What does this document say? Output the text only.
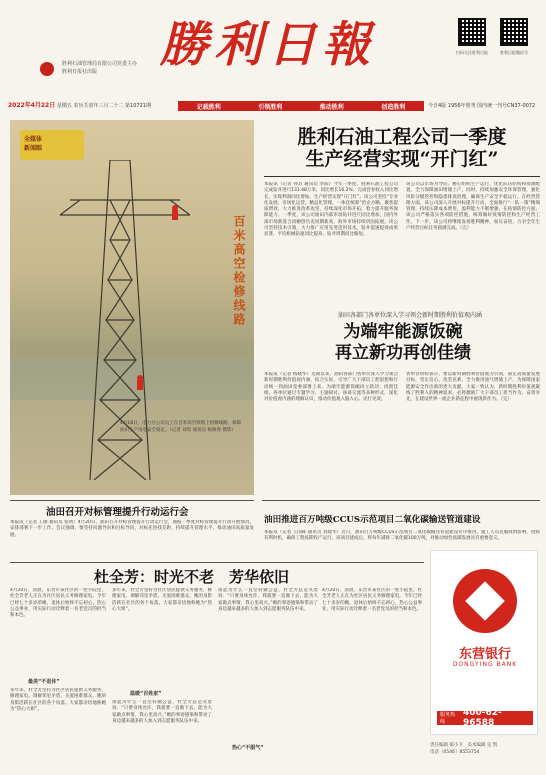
胜利石油管理局有限公司党委主办
胜利日报社出版	勝利日報	扫码关注胜利日报	胜利日报微信号
2022年4月22日 星期五 农历壬寅年三月二十二 第10721期	记载胜利	引领胜利	推动胜利	创造胜利	今日4版 1956年创刊 国内统一刊号CN37-0072
全媒体
新闻眼
百米高空检修线路
4月18日，电力分公司员工在百米高空铁塔上检修线路，保障油田生产用电安全稳定。（记者 刘勇 通讯员 杨修春 摄影）
胜利石油工程公司一季度
生产经营实现“开门红”
本报讯（记者 孙苏 通讯员 李阳）今年一季度，胜利石油工程公司完成钻井进尺131.48万米，同比增长16.2%；完成营业收入同比增长，实现利润同比增加，生产经营实现“开门红”。该公司坚持“专业化发展、市场化运营、精益化管理、一体化统筹”治企方略，聚焦提质增效，大力推进改革攻坚，持续深化市场开拓，着力提升服务保障能力。一季度，该公司油田内部市场钻井进尺同比增加，国内外部市场新签合同额创历史同期新高，海外市场持续巩固拓展。该公司坚持技术引领，大力推广应用先进适用技术，钻井提速提效成果显著，平均机械钻速同比提高，钻井周期同比缩短。
该公司以市场为导向，精心组织生产运行，优化队伍结构和资源配置，全力保障油田增储上产。同时，持续加强安全环保管理，强化风险分级管控和隐患排查治理，确保生产安全平稳运行。在经营管理方面，该公司深入开展对标提升行动，全面推行“一队一策”精细管理，持续压降成本费用，盈利能力不断增强。在疫情防控方面，该公司严格落实各项防控措施，统筹做好疫情防控和生产经营工作。下一步，该公司将继续发扬胜利精神，加压奋进，力争全年生产经营目标任务圆满完成。（完）
油田各部门各单位深入学习领会新时期胜利价值观内涵
为端牢能源饭碗
再立新功再创佳绩
本报讯（记者 杨晓华）近期以来，油田各部门各单位深入学习领会新时期胜利价值观内涵，结合实际，引导广大干部员工把思想和行动统一到油田党委部署上来，为端牢能源饭碗再立新功、再创佳绩。各单位通过专题学习、主题研讨、座谈交流等多种形式，深化对价值观内涵的理解认识，推动价值观入脑入心、见行见效。
各单位纷纷表示，要以新时期胜利价值观为引领，锚定高质量发展目标，坚定信心、攻坚克难，全力推进油气增储上产，为保障国家能源安全作出新的更大贡献。大家一致认为，新时期胜利价值观凝练了胜利人的精神追求，必将激励广大干部员工担当作为、奋勇争先，在建设世界一流企业新征程中展现新作为。（完）
油田召开对标管理提升行动运行会
本报讯（记者 王丽 通讯员 张明）4月20日，油田召开对标管理提升行动运行会，通报一季度对标管理提升行动开展情况，安排部署下一步工作。会议强调，要坚持问题导向和目标导向，对标先进找差距，持续提升管理水平，推动油田高质量发展。
油田推进百万吨级CCUS示范项目二氧化碳输送管道建设
本报讯（记者 王国栋 通讯员 刘建华）近日，油田百万吨级CCUS示范项目二氧化碳输送管道建设有序推进，施工人员克服疫情影响，抢抓有利时机，确保工程按期投产运行。该项目建成后，将每年减排二氧化碳100万吨，对推动绿色低碳发展具有重要意义。
杜全芳：时光不老　芳华依旧
4月20日，清晨，东营市某社区的一处小院里，杜全芳老人正在为社区居民义务修理家电。今年已经七十多岁的她，退休后始终不忘初心，热心公益事业，用实际行动诠释着一名老党员的担当和本色。
最美“不退休”
多年来，杜全芳坚持为社区居民提供义务服务，修理家电、调解邻里矛盾、关爱困难群众，她的身影活跃在社区的各个角落。大家都亲切地称她为“热心大姐”。
多年来，杜全芳坚持为社区居民提供义务服务，修理家电、调解邻里矛盾、关爱困难群众，她的身影活跃在社区的各个角落。大家都亲切地称她为“热心大姐”。
温暖“百姓家”
谈起为什么一直坚持做公益，杜全芳总是笑着说：“只要身体允许，我就要一直做下去，能为大家做点事情，我心里高兴。”她的事迹感染和带动了身边越来越多的人加入到志愿服务队伍中来。
谈起为什么一直坚持做公益，杜全芳总是笑着说：“只要身体允许，我就要一直做下去，能为大家做点事情，我心里高兴。”她的事迹感染和带动了身边越来越多的人加入到志愿服务队伍中来。
热心“不服气”
4月20日，清晨，东营市某社区的一处小院里，杜全芳老人正在为社区居民义务修理家电。今年已经七十多岁的她，退休后始终不忘初心，热心公益事业，用实际行动诠释着一名老党员的担当和本色。
东营银行
DONGYING BANK
服务热线
400-62-96588
责任编辑 郝小卫　美术编辑 皇 凯
电话（0546）8553754
